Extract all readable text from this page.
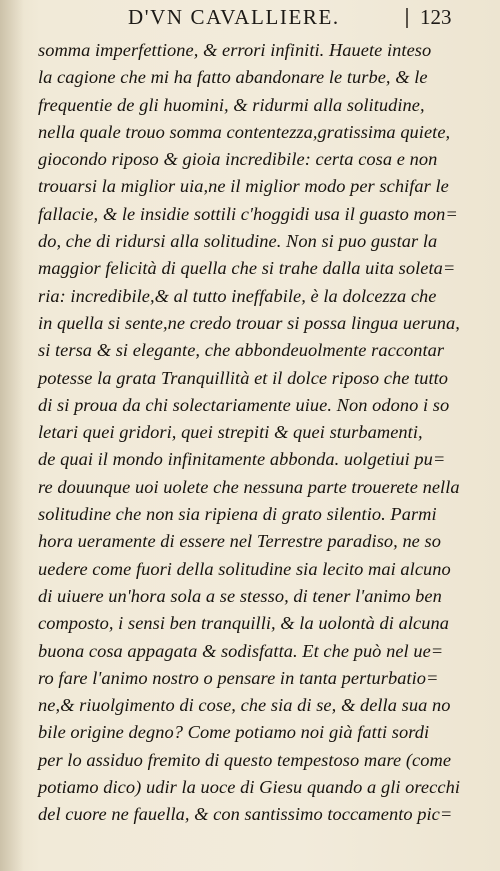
D'VN CAVALLIERE.	123
somma imperfettione, & errori infiniti. Hauete inteso
la cagione che mi ha fatto abandonare le turbe, & le
frequentie de gli huomini, & ridurmi alla solitudine,
nella quale trouo somma contentezza,gratissima quiete,
giocondo riposo & gioia incredibile: certa cosa e non
trouarsi la miglior uia,ne il miglior modo per schifar le
fallacie, & le insidie sottili c'hoggidi usa il guasto mon=
do, che di ridursi alla solitudine. Non si puo gustar la
maggior felicità di quella che si trahe dalla uita soleta=
ria: incredibile,& al tutto ineffabile, è la dolcezza che
in quella si sente,ne credo trouar si possa lingua ueruna,
si tersa & si elegante, che abbondeuolmente raccontar
potesse la grata Tranquillità et il dolce riposo che tutto
di si proua da chi solectariamente uiue. Non odono i so
letari quei gridori, quei strepiti & quei sturbamenti,
de quai il mondo infinitamente abbonda. uolgetiui pu=
re douunque uoi uolete che nessuna parte trouerete nella
solitudine che non sia ripiena di grato silentio. Parmi
hora ueramente di essere nel Terrestre paradiso, ne so
uedere come fuori della solitudine sia lecito mai alcuno
di uiuere un'hora sola a se stesso, di tener l'animo ben
composto, i sensi ben tranquilli, & la uolontà di alcuna
buona cosa appagata & sodisfatta. Et che può nel ue=
ro fare l'animo nostro o pensare in tanta perturbatio=
ne,& riuolgimento di cose, che sia di se, & della sua no
bile origine degno? Come potiamo noi già fatti sordi
per lo assiduo fremito di questo tempestoso mare (come
potiamo dico) udir la uoce di Giesu quando a gli orecchi
del cuore ne fauella, & con santissimo toccamento pic=
